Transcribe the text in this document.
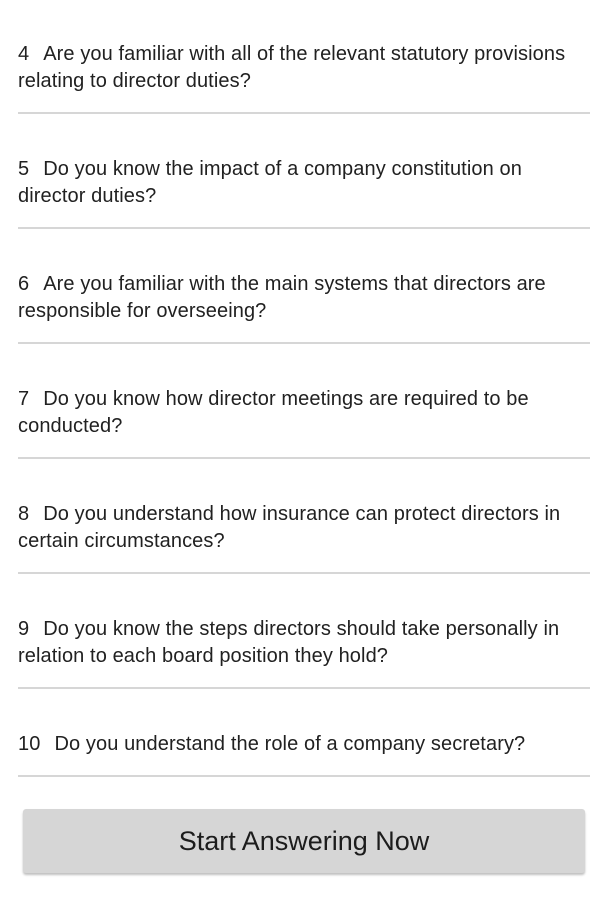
4 Are you familiar with all of the relevant statutory provisions relating to director duties?
5 Do you know the impact of a company constitution on director duties?
6 Are you familiar with the main systems that directors are responsible for overseeing?
7 Do you know how director meetings are required to be conducted?
8 Do you understand how insurance can protect directors in certain circumstances?
9 Do you know the steps directors should take personally in relation to each board position they hold?
10 Do you understand the role of a company secretary?
Start Answering Now
